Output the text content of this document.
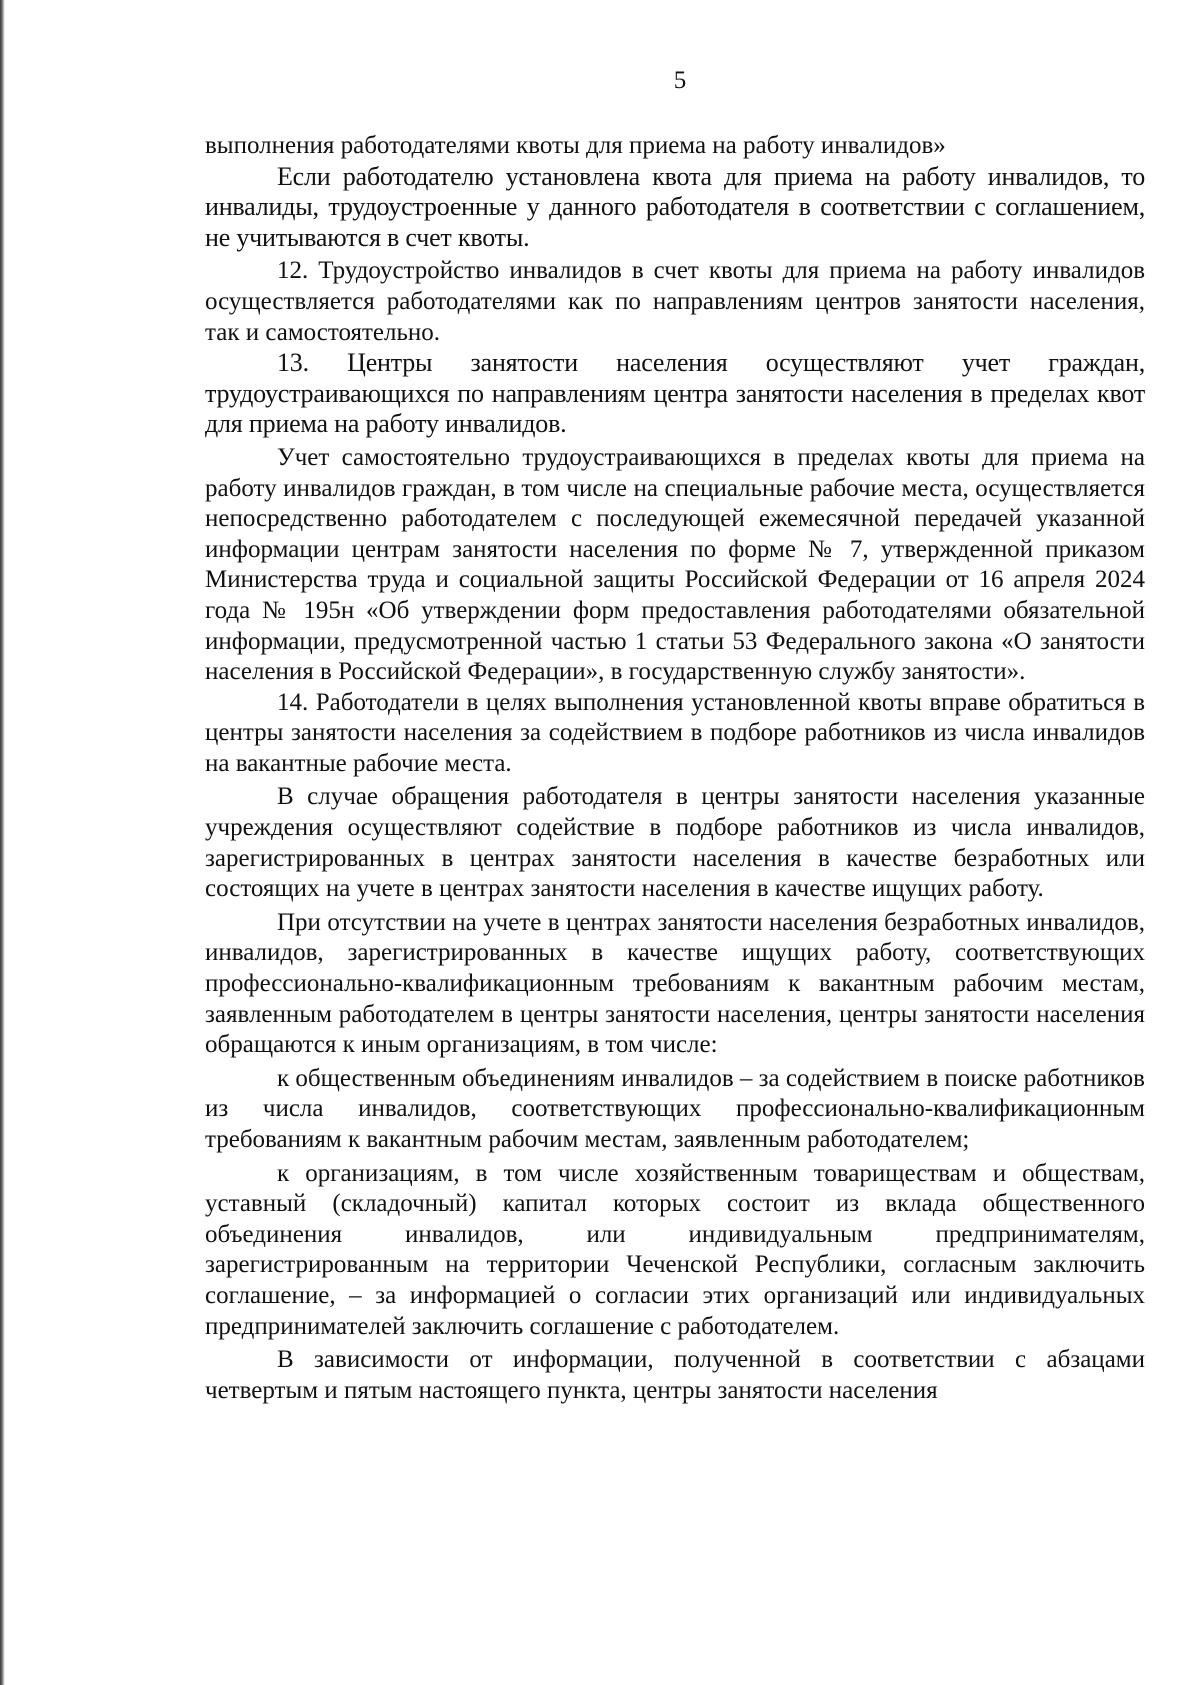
5

выполнения работодателями квоты для приема на работу инвалидов»

Если работодателю установлена квота для приема на работу инвалидов, то инвалиды, трудоустроенные у данного работодателя в соответствии с соглашением, не учитываются в счет квоты.

12. Трудоустройство инвалидов в счет квоты для приема на работу инвалидов осуществляется работодателями как по направлениям центров занятости населения, так и самостоятельно.

13. Центры занятости населения осуществляют учет граждан, трудоустраивающихся по направлениям центра занятости населения в пределах квот для приема на работу инвалидов.

Учет самостоятельно трудоустраивающихся в пределах квоты для приема на работу инвалидов граждан, в том числе на специальные рабочие места, осуществляется непосредственно работодателем с последующей ежемесячной передачей указанной информации центрам занятости населения по форме № 7, утвержденной приказом Министерства труда и социальной защиты Российской Федерации от 16 апреля 2024 года № 195н «Об утверждении форм предоставления работодателями обязательной информации, предусмотренной частью 1 статьи 53 Федерального закона «О занятости населения в Российской Федерации», в государственную службу занятости».

14. Работодатели в целях выполнения установленной квоты вправе обратиться в центры занятости населения за содействием в подборе работников из числа инвалидов на вакантные рабочие места.

В случае обращения работодателя в центры занятости населения указанные учреждения осуществляют содействие в подборе работников из числа инвалидов, зарегистрированных в центрах занятости населения в качестве безработных или состоящих на учете в центрах занятости населения в качестве ищущих работу.

При отсутствии на учете в центрах занятости населения безработных инвалидов, инвалидов, зарегистрированных в качестве ищущих работу, соответствующих профессионально-квалификационным требованиям к вакантным рабочим местам, заявленным работодателем в центры занятости населения, центры занятости населения обращаются к иным организациям, в том числе:

к общественным объединениям инвалидов – за содействием в поиске работников из числа инвалидов, соответствующих профессионально-квалификационным требованиям к вакантным рабочим местам, заявленным работодателем;

к организациям, в том числе хозяйственным товариществам и обществам, уставный (складочный) капитал которых состоит из вклада общественного объединения инвалидов, или индивидуальным предпринимателям, зарегистрированным на территории Чеченской Республики, согласным заключить соглашение, – за информацией о согласии этих организаций или индивидуальных предпринимателей заключить соглашение с работодателем.

В зависимости от информации, полученной в соответствии с абзацами четвертым и пятым настоящего пункта, центры занятости населения
